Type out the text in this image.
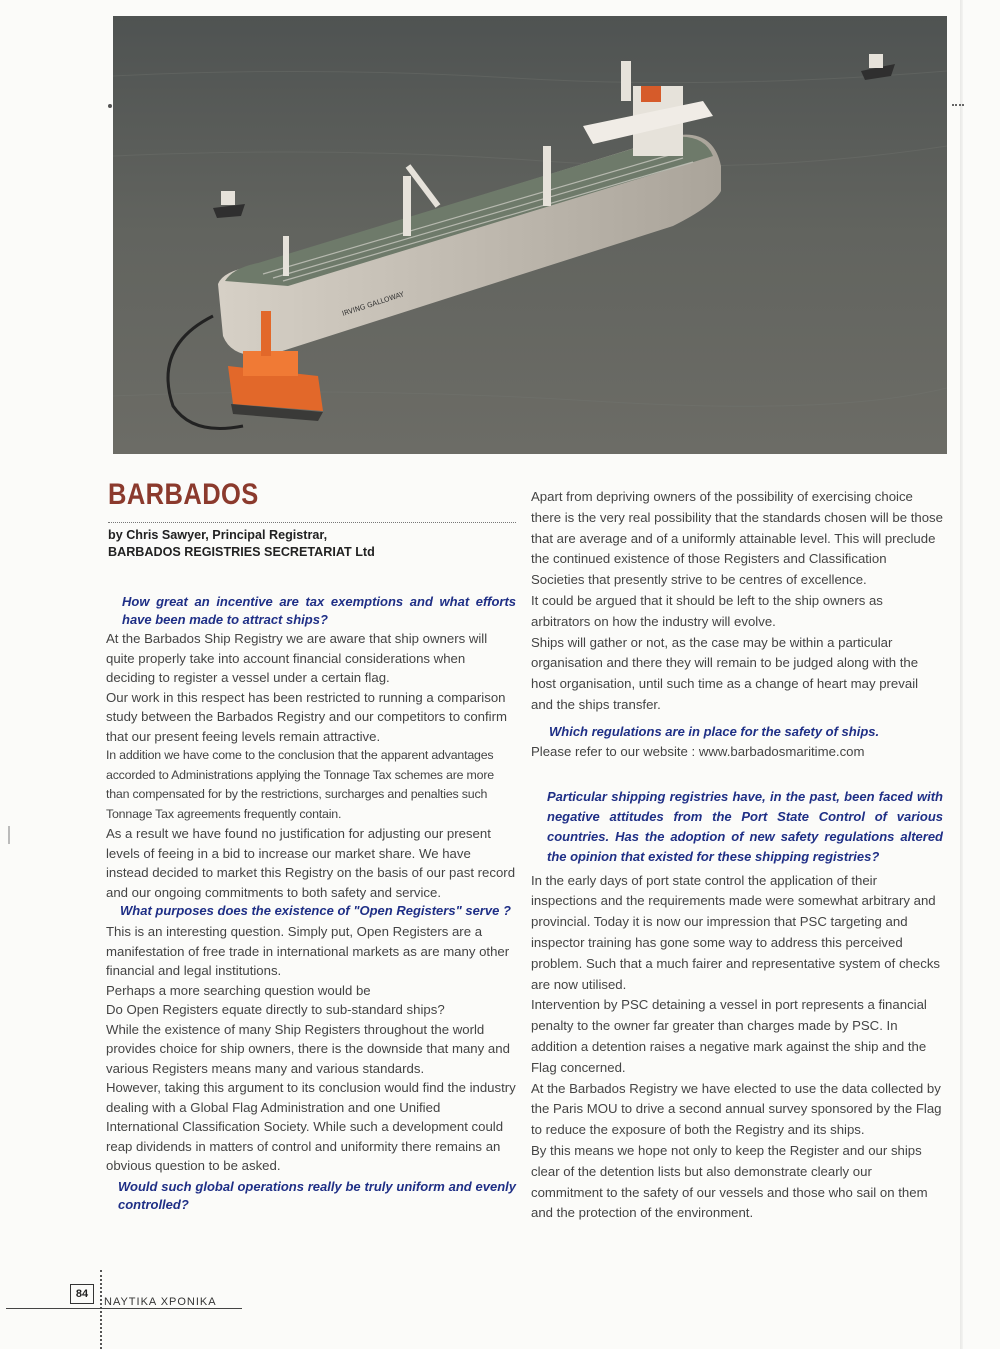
IRVING GALLOWAY
BARBADOS
by Chris Sawyer, Principal Registrar,
BARBADOS REGISTRIES SECRETARIAT Ltd

How great an incentive are tax exemptions and what efforts have been made to attract ships?

At the Barbados Ship Registry we are aware that ship owners will quite properly take into account financial considerations when deciding to register a vessel under a certain flag.

Our work in this respect has been restricted to running a comparison study between the Barbados Registry and our competitors to confirm that our present feeing levels remain attractive.

In addition we have come to the conclusion that the apparent advantages accorded to Administrations applying the Tonnage Tax schemes are more than compensated for by the restrictions, surcharges and penalties such Tonnage Tax agreements frequently contain.

As a result we have found no justification for adjusting our present levels of feeing in a bid to increase our market share. We have instead decided to market this Registry on the basis of our past record and our ongoing commitments to both safety and service.

What purposes does the existence of "Open Registers" serve ?

This is an interesting question. Simply put, Open Registers are a manifestation of free trade in international markets as are many other financial and legal institutions.

Perhaps a more searching question would be

Do Open Registers equate directly to sub-standard ships?

While the existence of many Ship Registers throughout the world provides choice for ship owners, there is the downside that many and various Registers means many and various standards.

However, taking this argument to its conclusion would find the industry dealing with a Global Flag Administration and one Unified International Classification Society. While such a development could reap dividends in matters of control and uniformity there remains an obvious question to be asked.

Would such global operations really be truly uniform and evenly controlled?

Apart from depriving owners of the possibility of exercising choice there is the very real possibility that the standards chosen will be those that are average and of a uniformly attainable level. This will preclude the continued existence of those Registers and Classification Societies that presently strive to be centres of excellence.

It could be argued that it should be left to the ship owners as arbitrators on how the industry will evolve.

Ships will gather or not, as the case may be within a particular organisation and there they will remain to be judged along with the host organisation, until such time as a change of heart may prevail and the ships transfer.

Which regulations are in place for the safety of ships.

Please refer to our website : www.barbadosmaritime.com

Particular shipping registries have, in the past, been faced with negative attitudes from the Port State Control of various countries. Has the adoption of new safety regulations altered the opinion that existed for these shipping registries?

In the early days of port state control the application of their inspections and the requirements made were somewhat arbitrary and provincial. Today it is now our impression that PSC targeting and inspector training has gone some way to address this perceived problem. Such that a much fairer and representative system of checks are now utilised.

Intervention by PSC detaining a vessel in port represents a financial penalty to the owner far greater than charges made by PSC. In addition a detention raises a negative mark against the ship and the Flag concerned.

At the Barbados Registry we have elected to use the data collected by the Paris MOU to drive a second annual survey sponsored by the Flag to reduce the exposure of both the Registry and its ships.

By this means we hope not only to keep the Register and our ships clear of the detention lists but also demonstrate clearly our commitment to the safety of our vessels and those who sail on them and the protection of the environment.

84
ΝΑΥΤΙΚΑ ΧΡΟΝΙΚΑ
